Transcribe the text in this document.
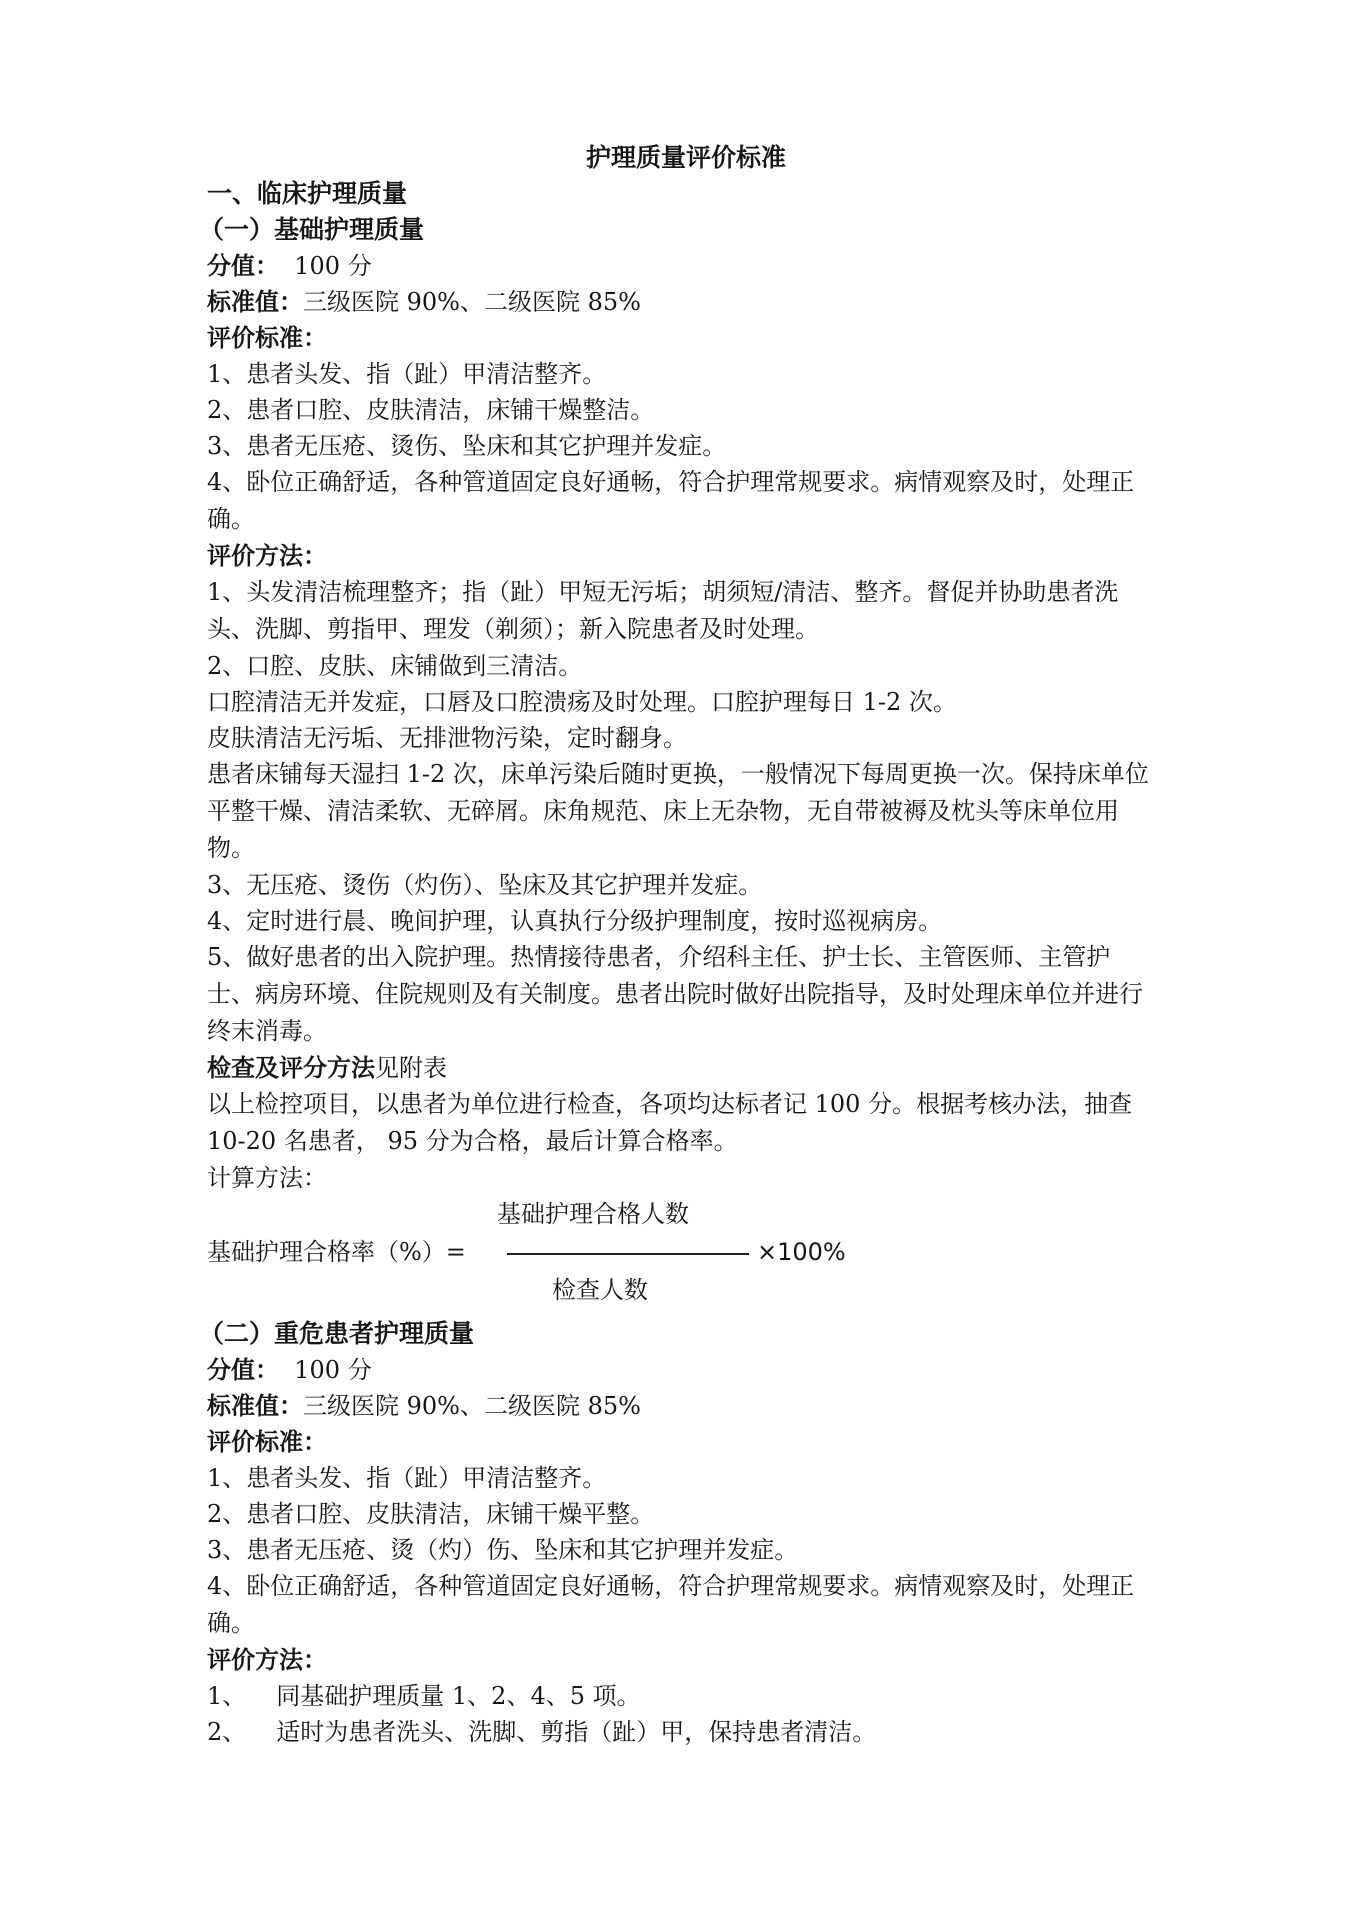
护理质量评价标准
一、临床护理质量
（一）基础护理质量
分值：  100 分
标准值：三级医院 90%、二级医院 85%
评价标准：
1、患者头发、指（趾）甲清洁整齐。
2、患者口腔、皮肤清洁，床铺干燥整洁。
3、患者无压疮、烫伤、坠床和其它护理并发症。
4、卧位正确舒适，各种管道固定良好通畅，符合护理常规要求。病情观察及时，处理正确。
评价方法：
1、头发清洁梳理整齐；指（趾）甲短无污垢；胡须短/清洁、整齐。督促并协助患者洗头、洗脚、剪指甲、理发（剃须）；新入院患者及时处理。
2、口腔、皮肤、床铺做到三清洁。
口腔清洁无并发症，口唇及口腔溃疡及时处理。口腔护理每日 1-2 次。
皮肤清洁无污垢、无排泄物污染，定时翻身。
患者床铺每天湿扫 1-2 次，床单污染后随时更换，一般情况下每周更换一次。保持床单位平整干燥、清洁柔软、无碎屑。床角规范、床上无杂物，无自带被褥及枕头等床单位用物。
3、无压疮、烫伤（灼伤）、坠床及其它护理并发症。
4、定时进行晨、晚间护理，认真执行分级护理制度，按时巡视病房。
5、做好患者的出入院护理。热情接待患者，介绍科主任、护士长、主管医师、主管护士、病房环境、住院规则及有关制度。患者出院时做好出院指导，及时处理床单位并进行终末消毒。
检查及评分方法见附表
以上检控项目，以患者为单位进行检查，各项均达标者记 100 分。根据考核办法，抽查 10-20 名患者， 95 分为合格，最后计算合格率。
计算方法：
基础护理合格人数
基础护理合格率（%）=	×100%
检查人数
（二）重危患者护理质量
分值：  100 分
标准值：三级医院 90%、二级医院 85%
评价标准：
1、患者头发、指（趾）甲清洁整齐。
2、患者口腔、皮肤清洁，床铺干燥平整。
3、患者无压疮、烫（灼）伤、坠床和其它护理并发症。
4、卧位正确舒适，各种管道固定良好通畅，符合护理常规要求。病情观察及时，处理正确。
评价方法：
1、 同基础护理质量 1、2、4、5 项。
2、 适时为患者洗头、洗脚、剪指（趾）甲，保持患者清洁。
